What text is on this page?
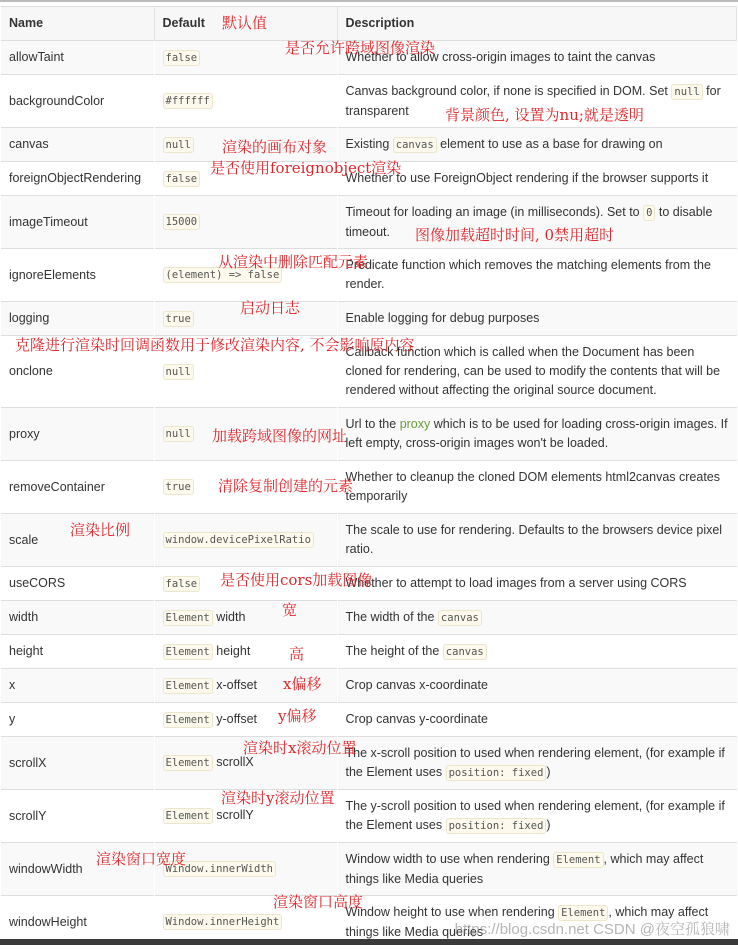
Name	Default	Description
allowTaint	false	Whether to allow cross-origin images to taint the canvas
backgroundColor	#ffffff	Canvas background color, if none is specified in DOM. Set null for transparent
canvas	null	Existing canvas element to use as a base for drawing on
foreignObjectRendering	false	Whether to use ForeignObject rendering if the browser supports it
imageTimeout	15000	Timeout for loading an image (in milliseconds). Set to 0 to disable timeout.
ignoreElements	(element) => false	Predicate function which removes the matching elements from the render.
logging	true	Enable logging for debug purposes
onclone	null	Callback function which is called when the Document has been cloned for rendering, can be used to modify the contents that will be rendered without affecting the original source document.
proxy	null	Url to the proxy which is to be used for loading cross-origin images. If left empty, cross-origin images won't be loaded.
removeContainer	true	Whether to cleanup the cloned DOM elements html2canvas creates temporarily
scale	window.devicePixelRatio	The scale to use for rendering. Defaults to the browsers device pixel ratio.
useCORS	false	Whether to attempt to load images from a server using CORS
width	Element width	The width of the canvas
height	Element height	The height of the canvas
x	Element x-offset	Crop canvas x-coordinate
y	Element y-offset	Crop canvas y-coordinate
scrollX	Element scrollX	The x-scroll position to used when rendering element, (for example if the Element uses position: fixed )
scrollY	Element scrollY	The y-scroll position to used when rendering element, (for example if the Element uses position: fixed )
windowWidth	Window.innerWidth	Window width to use when rendering Element , which may affect things like Media queries
windowHeight	Window.innerHeight	Window height to use when rendering Element , which may affect things like Media queries
默认值
是否允许跨域图像渲染
背景颜色, 设置为nu;就是透明
渲染的画布对象
是否使用foreignobject渲染
图像加载超时时间, 0禁用超时
从渲染中删除匹配元素
启动日志
克隆进行渲染时回调函数用于修改渲染内容, 不会影响原内容
加载跨域图像的网址
清除复制创建的元素
渲染比例
是否使用cors加载图像
宽
高
x偏移
y偏移
渲染时x滚动位置
渲染时y滚动位置
渲染窗口宽度
渲染窗口高度
https://blog.csdn.net CSDN @夜空孤狼啸
